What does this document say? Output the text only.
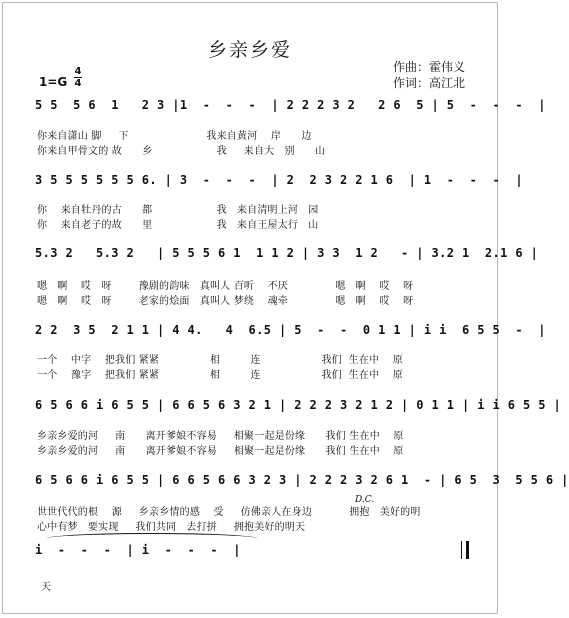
乡亲乡爱
作曲：霍伟义
作词：高江北
1=G
4
4
5 5  5 6  1   2 3 |1  -  -  -  | 2 2 2 3 2   2 6  5 | 5  -  -  -  |
你来自潇山 脚     下                       我来自黄河    岸      边
你来自甲骨文的 故      乡                   我     来自大   别      山
3 5 5 5 5 5 5 6. | 3  -  -  -  | 2  2 3 2 2 1 6  | 1  -  -  -  |
你    来自牡丹的古      都                   我   来自清明上河   园
你    来自老子的故      里                   我   来自王屋太行   山
5.3 2   5.3 2   | 5 5 5 6 1  1 1 2 | 3 3  1 2   - | 3.2 1  2.1 6 |
嗯   啊    哎   呀        豫剧的韵味   真叫人 百听    不厌              嗯   啊    哎    呀
嗯   啊    哎   呀        老家的烩面   真叫人 梦绕    魂牵              嗯   啊    哎    呀
2 2  3 5  2 1 1 | 4 4.   4  6.5 | 5  -  -  0 1 1 | i i  6 5 5  -  |
一个    中字    把我们 紧紧               相         连                  我们  生在中    原
一个    豫字    把我们 紧紧               相         连                  我们  生在中    原
6 5 6 6 i 6 5 5 | 6 6 5 6 3 2 1 | 2 2 2 3 2 1 2 | 0 1 1 | i i 6 5 5 |
乡亲乡爱的河     南      离开爹娘不容易     相聚一起是份缘      我们 生在中    原
乡亲乡爱的河     南      离开爹娘不容易     相聚一起是份缘      我们 生在中    原
6 5 6 6 i 6 5 5 | 6 6 5 6 6 3 2 3 | 2 2 2 3 2 6 1  - | 6 5  3  5 5 6 |
D.C.
世世代代的根    源     乡亲乡情的感    受     仿佛亲人在身边           拥抱   美好的明
心中有梦   要实现     我们共同   去打拼     拥抱美好的明天
i  -  -  -  | i  -  -  -  |
天
